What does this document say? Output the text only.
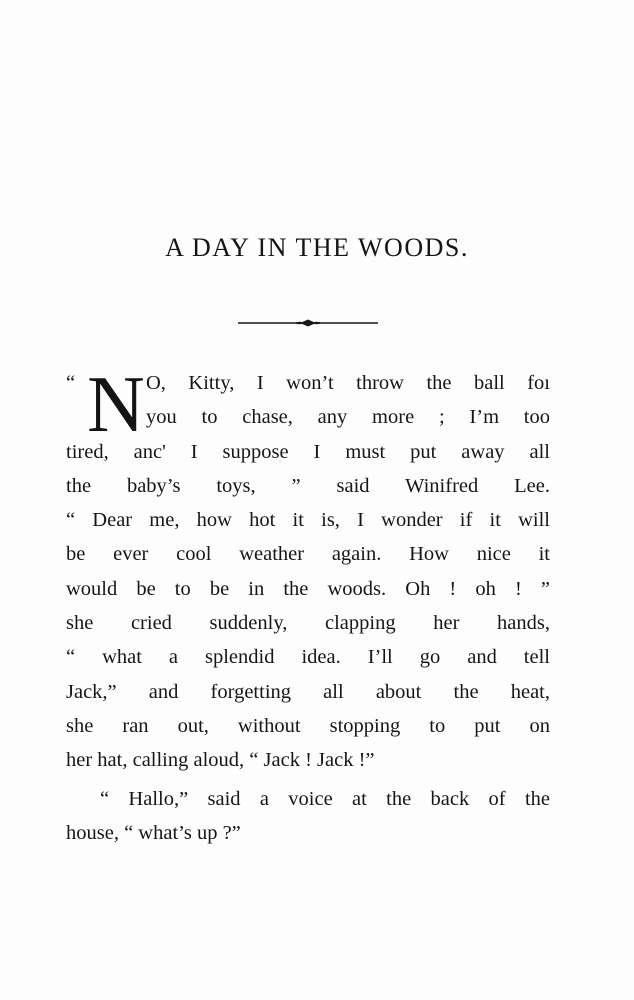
A DAY IN THE WOODS.
“ N O, Kitty, I won’t throw the ball foı
you to chase, any more ; I’m too
tired, anc' I suppose I must put away all
the baby’s toys, ” said Winifred Lee.
“ Dear me, how hot it is, I wonder if it will
be ever cool weather again. How nice it
would be to be in the woods. Oh ! oh ! ”
she cried suddenly, clapping her hands,
“ what a splendid idea. I’ll go and tell
Jack,” and forgetting all about the heat,
she ran out, without stopping to put on
her hat, calling aloud, “ Jack ! Jack !”
“ Hallo,” said a voice at the back of the
house, “ what’s up ?”
